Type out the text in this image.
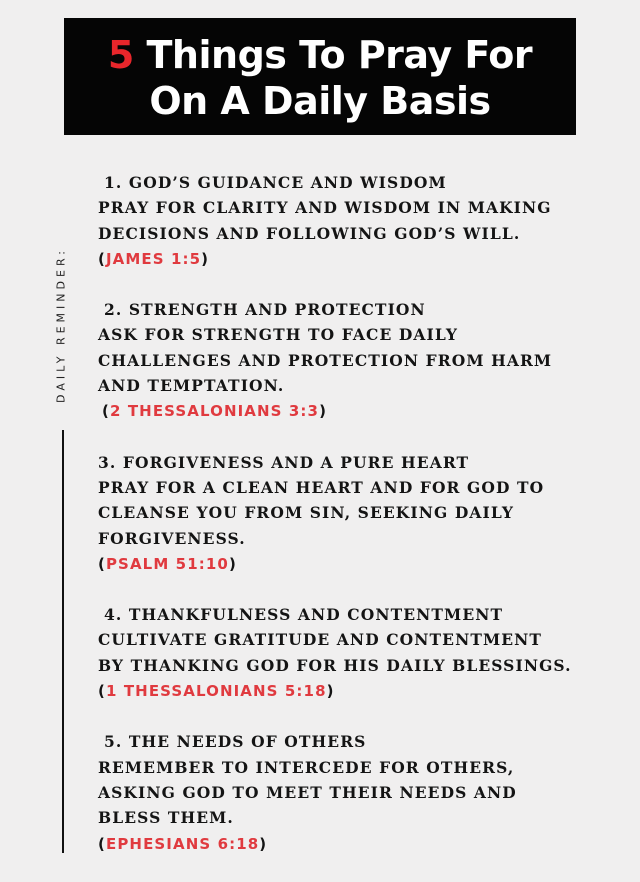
5 Things To Pray For
On A Daily Basis
DAILY REMINDER:
1. GOD’S GUIDANCE AND WISDOM
PRAY FOR CLARITY AND WISDOM IN MAKING
DECISIONS AND FOLLOWING GOD’S WILL.
(JAMES 1:5)
2. STRENGTH AND PROTECTION
ASK FOR STRENGTH TO FACE DAILY
CHALLENGES AND PROTECTION FROM HARM
AND TEMPTATION.
(2 THESSALONIANS 3:3)
3. FORGIVENESS AND A PURE HEART
PRAY FOR A CLEAN HEART AND FOR GOD TO
CLEANSE YOU FROM SIN, SEEKING DAILY
FORGIVENESS.
(PSALM 51:10)
4. THANKFULNESS AND CONTENTMENT
CULTIVATE GRATITUDE AND CONTENTMENT
BY THANKING GOD FOR HIS DAILY BLESSINGS.
(1 THESSALONIANS 5:18)
5. THE NEEDS OF OTHERS
REMEMBER TO INTERCEDE FOR OTHERS,
ASKING GOD TO MEET THEIR NEEDS AND
BLESS THEM.
(EPHESIANS 6:18)
